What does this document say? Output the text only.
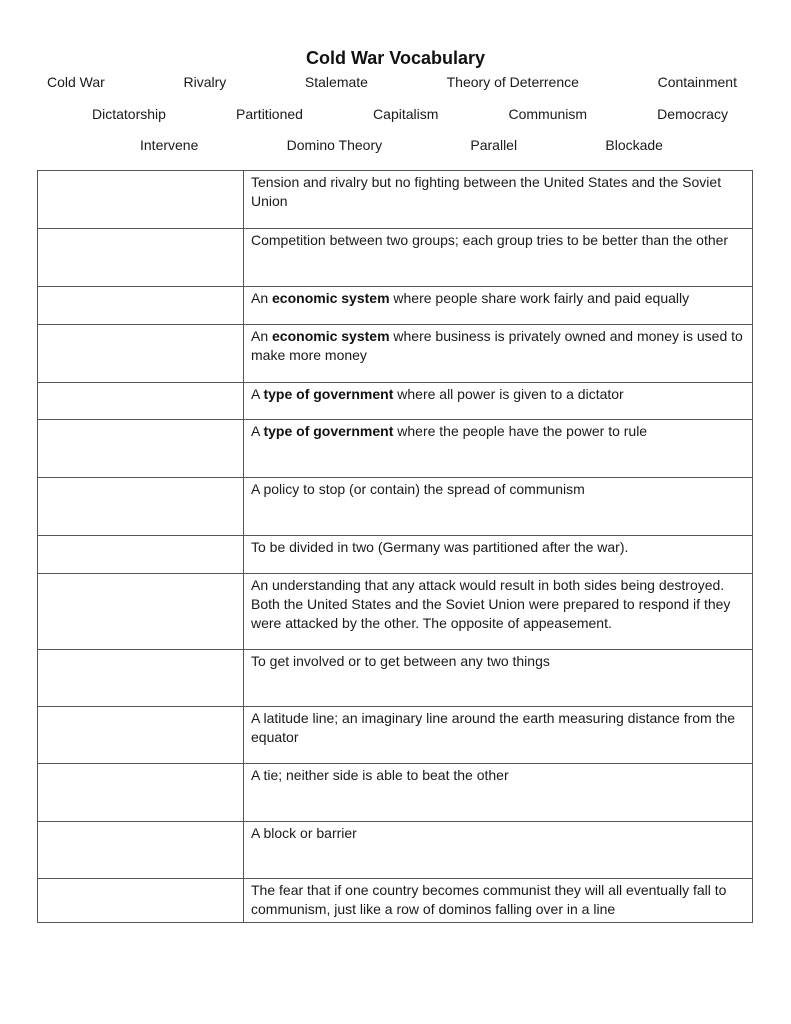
Cold War Vocabulary
Cold War	Rivalry	Stalemate	Theory of Deterrence	Containment
Dictatorship	Partitioned	Capitalism	Communism	Democracy
Intervene	Domino Theory	Parallel	Blockade
	Tension and rivalry but no fighting between the United States and the Soviet Union
	Competition between two groups; each group tries to be better than the other
	An economic system where people share work fairly and paid equally
	An economic system where business is privately owned and money is used to make more money
	A type of government where all power is given to a dictator
	A type of government where the people have the power to rule
	A policy to stop (or contain) the spread of communism
	To be divided in two (Germany was partitioned after the war).
	An understanding that any attack would result in both sides being destroyed. Both the United States and the Soviet Union were prepared to respond if they were attacked by the other. The opposite of appeasement.
	To get involved or to get between any two things
	A latitude line; an imaginary line around the earth measuring distance from the equator
	A tie; neither side is able to beat the other
	A block or barrier
	The fear that if one country becomes communist they will all eventually fall to communism, just like a row of dominos falling over in a line
